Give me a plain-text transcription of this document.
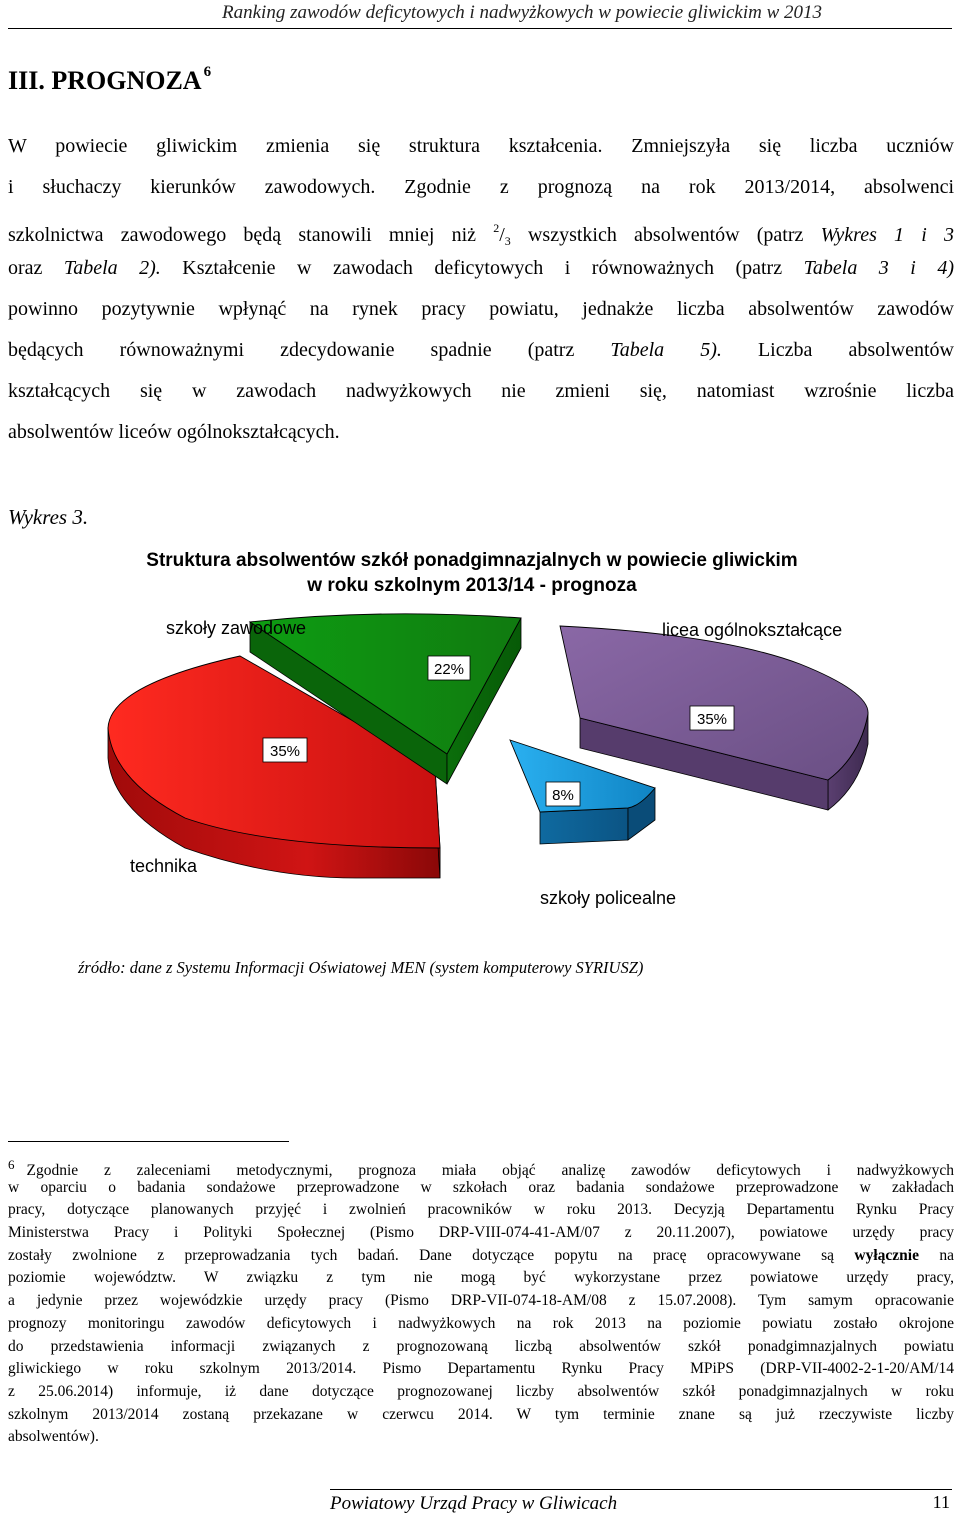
Ranking zawodów deficytowych i nadwyżkowych w powiecie gliwickim w 2013
III. PROGNOZA $^6$
W powiecie gliwickim zmienia się struktura kształcenia. Zmniejszyła się liczba uczniów
i słuchaczy kierunków zawodowych. Zgodnie z prognozą na rok 2013/2014, absolwenci
szkolnictwa zawodowego będą stanowili mniej niż $^2/_3$ wszystkich absolwentów (patrz Wykres 1 i 3
oraz Tabela 2). Kształcenie w zawodach deficytowych i równoważnych (patrz Tabela 3 i 4)
powinno pozytywnie wpłynąć na rynek pracy powiatu, jednakże liczba absolwentów zawodów
będących równoważnymi zdecydowanie spadnie (patrz Tabela 5). Liczba absolwentów
kształcących się w zawodach nadwyżkowych nie zmieni się, natomiast wzrośnie liczba
absolwentów liceów ogólnokształcących.
Wykres 3.
Struktura absolwentów szkół ponadgimnazjalnych w powiecie gliwickim
w roku szkolnym 2013/14 - prognoza
22%
35%
8%
35%
szkoły zawodowe	licea ogólnokształcące
szkoły policealne
technika
źródło: dane z Systemu Informacji Oświatowej MEN (system komputerowy SYRIUSZ)
$^6$ Zgodnie z zaleceniami metodycznymi, prognoza miała objąć analizę zawodów deficytowych i nadwyżkowych
w oparciu o badania sondażowe przeprowadzone w szkołach oraz badania sondażowe przeprowadzone w zakładach
pracy, dotyczące planowanych przyjęć i zwolnień pracowników w roku 2013. Decyzją Departamentu Rynku Pracy
Ministerstwa Pracy i Polityki Społecznej (Pismo DRP-VIII-074-41-AM/07 z 20.11.2007), powiatowe urzędy pracy
zostały zwolnione z przeprowadzania tych badań. Dane dotyczące popytu na pracę opracowywane są wyłącznie na
poziomie województw. W związku z tym nie mogą być wykorzystane przez powiatowe urzędy pracy,
a jedynie przez wojewódzkie urzędy pracy (Pismo DRP-VII-074-18-AM/08 z 15.07.2008). Tym samym opracowanie
prognozy monitoringu zawodów deficytowych i nadwyżkowych na rok 2013 na poziomie powiatu zostało okrojone
do przedstawienia informacji związanych z prognozowaną liczbą absolwentów szkół ponadgimnazjalnych powiatu
gliwickiego w roku szkolnym 2013/2014. Pismo Departamentu Rynku Pracy MPiPS (DRP-VII-4002-2-1-20/AM/14
z 25.06.2014) informuje, iż dane dotyczące prognozowanej liczby absolwentów szkół ponadgimnazjalnych w roku
szkolnym 2013/2014 zostaną przekazane w czerwcu 2014. W tym terminie znane są już rzeczywiste liczby
absolwentów).
Powiatowy Urząd Pracy w Gliwicach	11
